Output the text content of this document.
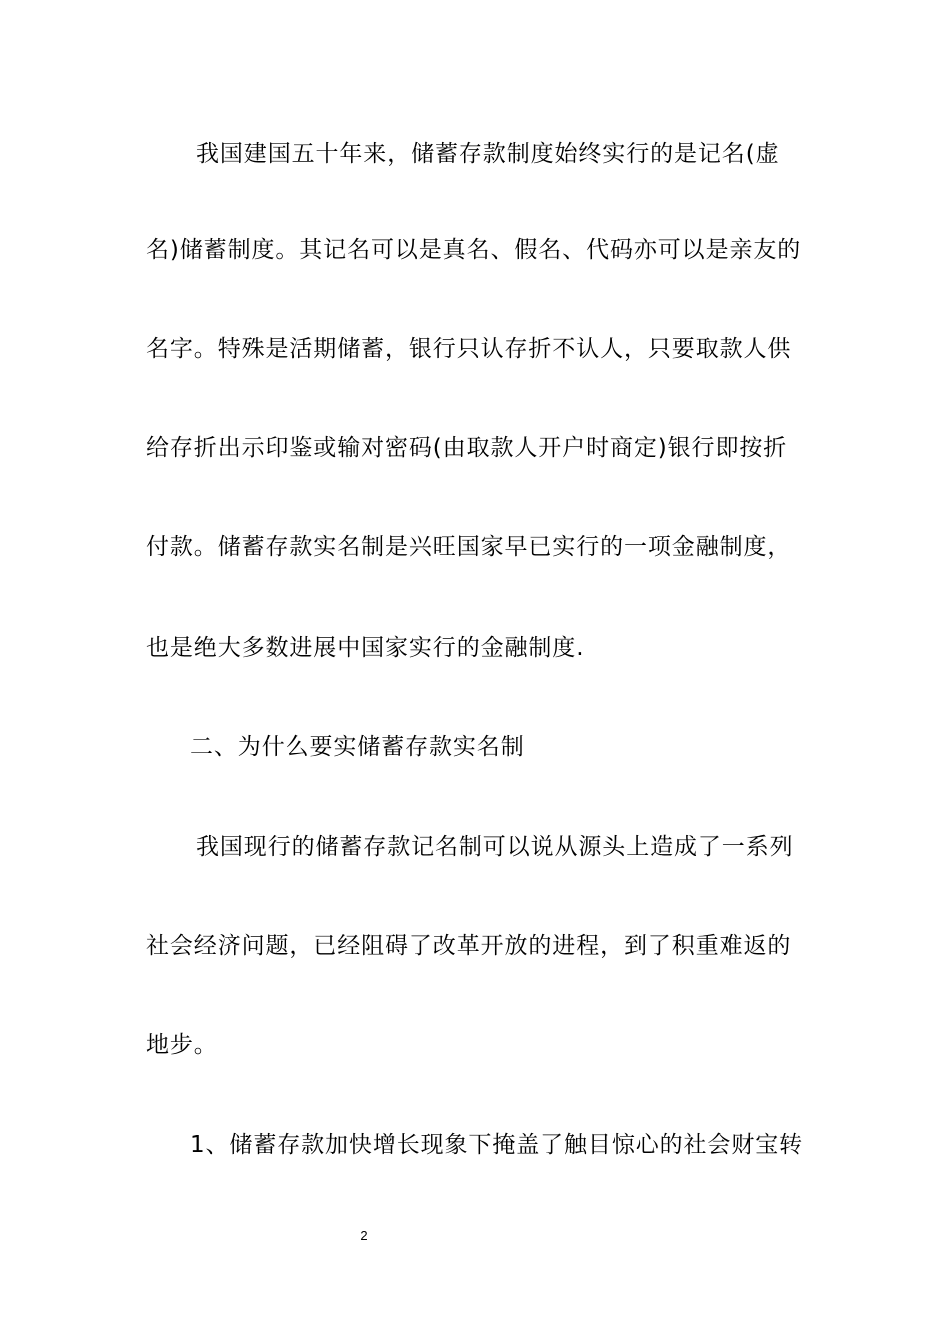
我国建国五十年来，储蓄存款制度始终实行的是记名(虚
名)储蓄制度。其记名可以是真名、假名、代码亦可以是亲友的
名字。特殊是活期储蓄，银行只认存折不认人，只要取款人供
给存折出示印鉴或输对密码(由取款人开户时商定)银行即按折
付款。储蓄存款实名制是兴旺国家早已实行的一项金融制度，
也是绝大多数进展中国家实行的金融制度.
二、为什么要实储蓄存款实名制
我国现行的储蓄存款记名制可以说从源头上造成了一系列
社会经济问题，已经阻碍了改革开放的进程，到了积重难返的
地步。
1、储蓄存款加快增长现象下掩盖了触目惊心的社会财宝转
2
